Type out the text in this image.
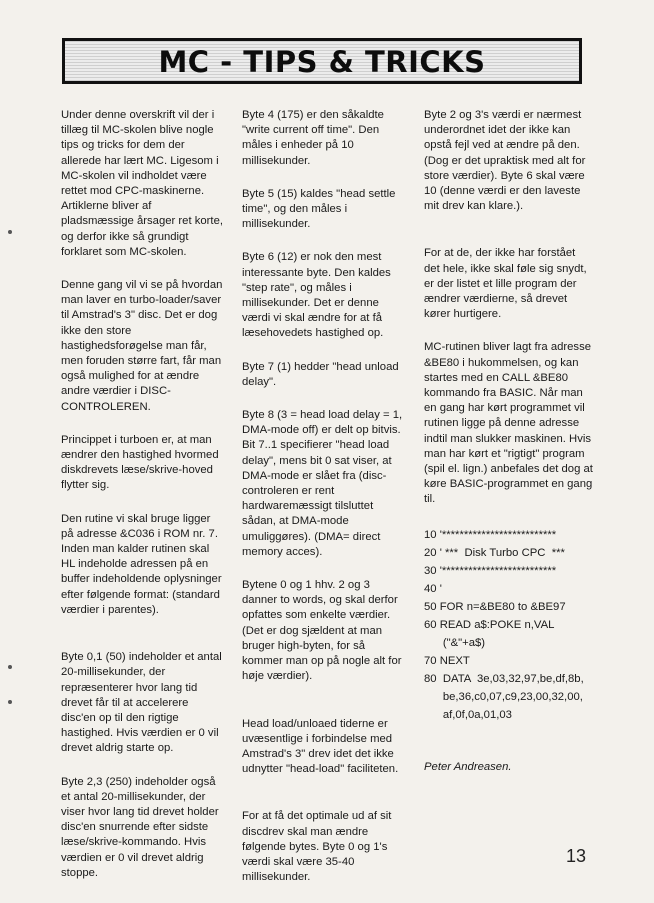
MC - TIPS & TRICKS

Under denne overskrift vil der i tillæg til MC-skolen blive nogle tips og tricks for dem der allerede har lært MC. Ligesom i MC-skolen vil indholdet være rettet mod CPC-maskinerne. Artiklerne bliver af pladsmæssige årsager ret korte, og derfor ikke så grundigt forklaret som MC-skolen.

Denne gang vil vi se på hvordan man laver en turbo-loader/saver til Amstrad's 3" disc. Det er dog ikke den store hastighedsforøgelse man får, men foruden større fart, får man også mulighed for at ændre andre værdier i DISC-CONTROLEREN.

Princippet i turboen er, at man ændrer den hastighed hvormed diskdrevets læse/skrive-hoved flytter sig.

Den rutine vi skal bruge ligger på adresse &C036 i ROM nr. 7. Inden man kalder rutinen skal HL indeholde adressen på en buffer indeholdende oplysninger efter følgende format: (standard værdier i parentes).

Byte 0,1 (50) indeholder et antal 20-millisekunder, der repræsenterer hvor lang tid drevet får til at accelerere disc'en op til den rigtige hastighed. Hvis værdien er 0 vil drevet aldrig starte op.

Byte 2,3 (250) indeholder også et antal 20-millisekunder, der viser hvor lang tid drevet holder disc'en snurrende efter sidste læse/skrive-kommando. Hvis værdien er 0 vil drevet aldrig stoppe.

Byte 4 (175) er den såkaldte "write current off time". Den måles i enheder på 10 millisekunder.

Byte 5 (15) kaldes "head settle time", og den måles i millisekunder.

Byte 6 (12) er nok den mest interessante byte. Den kaldes "step rate", og måles i millisekunder. Det er denne værdi vi skal ændre for at få læsehovedets hastighed op.

Byte 7 (1) hedder "head unload delay".

Byte 8 (3 = head load delay = 1, DMA-mode off) er delt op bitvis. Bit 7..1 specifierer "head load delay", mens bit 0 sat viser, at DMA-mode er slået fra (disc-controleren er rent hardwaremæssigt tilsluttet sådan, at DMA-mode umuliggøres). (DMA= direct memory acces).

Bytene 0 og 1 hhv. 2 og 3 danner to words, og skal derfor opfattes som enkelte værdier. (Det er dog sjældent at man bruger high-byten, for så kommer man op på nogle alt for høje værdier).

Head load/unloaed tiderne er uvæsentlige i forbindelse med Amstrad's 3" drev idet det ikke udnytter "head-load" faciliteten.

For at få det optimale ud af sit discdrev skal man ændre følgende bytes. Byte 0 og 1's værdi skal være 35-40 millisekunder.

Byte 2 og 3's værdi er nærmest underordnet idet der ikke kan opstå fejl ved at ændre på den. (Dog er det upraktisk med alt for store værdier). Byte 6 skal være 10 (denne værdi er den laveste mit drev kan klare.).

For at de, der ikke har forstået det hele, ikke skal føle sig snydt, er der listet et lille program der ændrer værdierne, så drevet kører hurtigere.

MC-rutinen bliver lagt fra adresse &BE80 i hukommelsen, og kan startes med en CALL &BE80 kommando fra BASIC. Når man en gang har kørt programmet vil rutinen ligge på denne adresse indtil man slukker maskinen. Hvis man har kørt et "rigtigt" program (spil el. lign.) anbefales det dog at køre BASIC-programmet en gang til.

10 '**************************
20 ' ***  Disk Turbo CPC  ***
30 '**************************
40 '
50 FOR n=&BE80 to &BE97
60 READ a$:POKE n,VAL
("&"+a$)
70 NEXT
80  DATA  3e,03,32,97,be,df,8b,
be,36,c0,07,c9,23,00,32,00,
af,0f,0a,01,03
Peter Andreasen.
13
